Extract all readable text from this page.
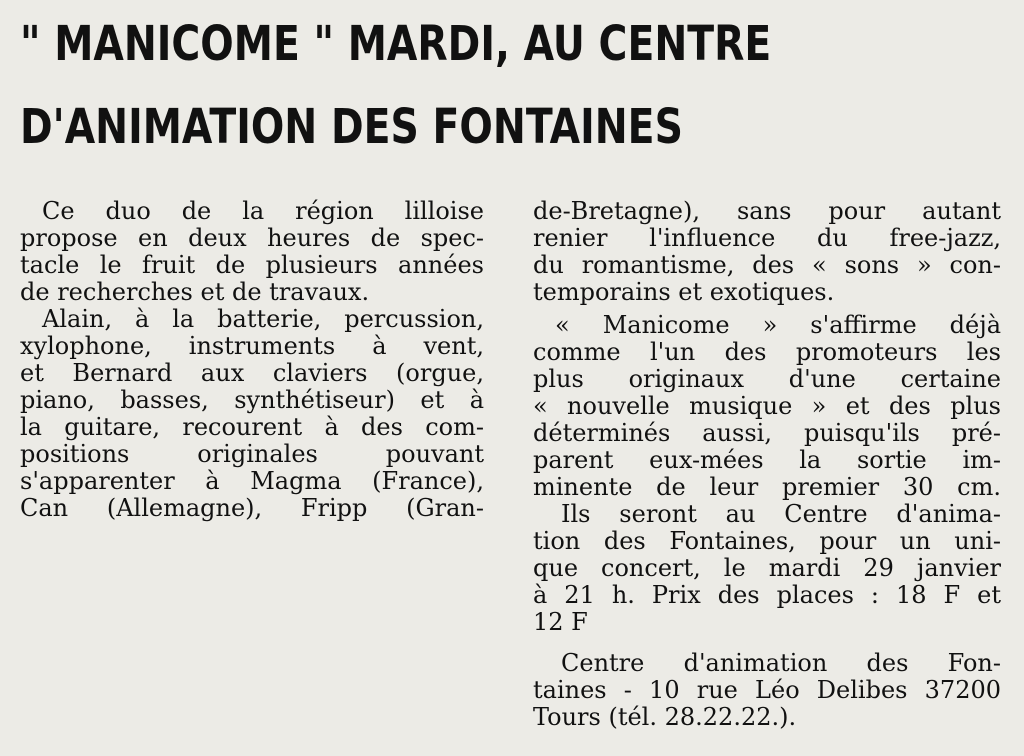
" MANICOME " MARDI, AU CENTRE
D'ANIMATION DES FONTAINES
Ce duo de la région lilloise
propose en deux heures de spec-
tacle le fruit de plusieurs années
de recherches et de travaux.
Alain, à la batterie, percussion,
xylophone, instruments à vent,
et Bernard aux claviers (orgue,
piano, basses, synthétiseur) et à
la guitare, recourent à des com-
positions originales pouvant
s'apparenter à Magma (France),
Can (Allemagne), Fripp (Gran-
de-Bretagne), sans pour autant
renier l'influence du free-jazz,
du romantisme, des « sons » con-
temporains et exotiques.
« Manicome » s'affirme déjà
comme l'un des promoteurs les
plus originaux d'une certaine
« nouvelle musique » et des plus
déterminés aussi, puisqu'ils pré-
parent eux-mées la sortie im-
minente de leur premier 30 cm.
Ils seront au Centre d'anima-
tion des Fontaines, pour un uni-
que concert, le mardi 29 janvier
à 21 h. Prix des places : 18 F et
12 F
Centre d'animation des Fon-
taines - 10 rue Léo Delibes 37200
Tours (tél. 28.22.22.).
